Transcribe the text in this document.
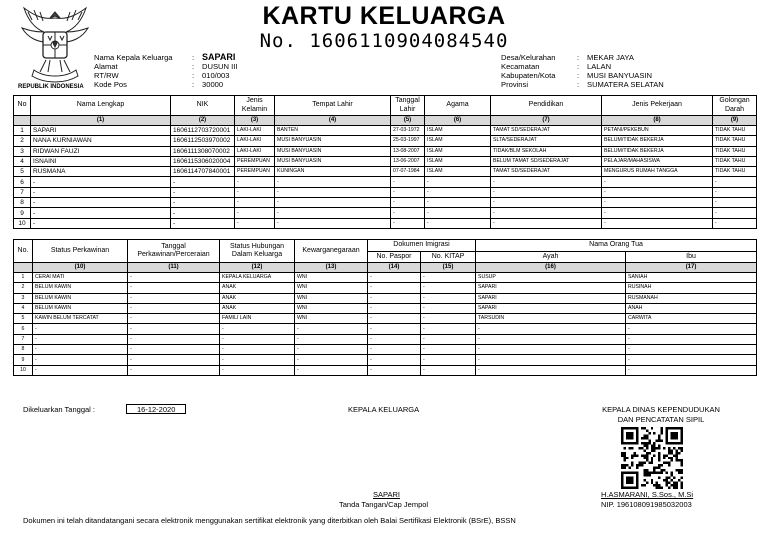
REPUBLIK INDONESIA
KARTU KELUARGA
No. 1606110904084540
Nama Kepala Keluarga	: SAPARI
Alamat	:	DUSUN III
RT/RW	:	010/003
Kode Pos	:	30000
Desa/Kelurahan	:	MEKAR JAYA
Kecamatan	:	LALAN
Kabupaten/Kota	:	MUSI BANYUASIN
Provinsi	:	SUMATERA SELATAN
No	Nama Lengkap	NIK	Jenis Kelamin	Tempat Lahir	Tanggal Lahir	Agama	Pendidikan	Jenis Pekerjaan	Golongan Darah
	(1)	(2)	(3)	(4)	(5)	(6)	(7)	(8)	(9)
1	SAPARI	1606112703720001	LAKI-LAKI	BANTEN	27-03-1972	ISLAM	TAMAT SD/SEDERAJAT	PETANI/PEKEBUN	TIDAK TAHU
2	NANA KURNIAWAN	1606112503970002	LAKI-LAKI	MUSI BANYUASIN	25-03-1997	ISLAM	SLTA/SEDERAJAT	BELUM/TIDAK BEKERJA	TIDAK TAHU
3	RIDWAN FAUZI	1606111308070002	LAKI-LAKI	MUSI BANYUASIN	13-08-2007	ISLAM	TIDAK/BLM SEKOLAH	BELUM/TIDAK BEKERJA	TIDAK TAHU
4	ISNAINI	1606115306020004	PEREMPUAN	MUSI BANYUASIN	13-06-2007	ISLAM	BELUM TAMAT SD/SEDERAJAT	PELAJAR/MAHASISWA	TIDAK TAHU
5	RUSMANA	1606114707840001	PEREMPUAN	KUNINGAN	07-07-1984	ISLAM	TAMAT SD/SEDERAJAT	MENGURUS RUMAH TANGGA	TIDAK TAHU
6	-	-	-	-	-	-	-	-	-
7	-	-	-	-	-	-	-	-	-
8	-	-	-	-	-	-	-	-	-
9	-	-	-	-	-	-	-	-	-
10	-	-	-	-	-	-	-	-	-
No.	Status Perkawinan	Tanggal Perkawinan/Perceraian	Status Hubungan Dalam Keluarga	Kewarganegaraan	Dokumen Imigrasi		Nama Orang Tua	
					No. Paspor	No. KITAP	Ayah	Ibu
	(10)	(11)	(12)	(13)	(14)	(15)	(16)	(17)
1	CERAI MATI	-	KEPALA KELUARGA	WNI	-	-	SUSUP	SANIAH
2	BELUM KAWIN	-	ANAK	WNI	-	-	SAPARI	RUSINAH
3	BELUM KAWIN	-	ANAK	WNI	-	-	SAPARI	RUSMANAH
4	BELUM KAWIN	-	ANAK	WNI	-	-	SAPARI	ANAH
5	KAWIN BELUM TERCATAT	-	FAMILI LAIN	WNI	-	-	TARSUDIN	CARWITA
6	-	-	-	-	-	-	-	-
7	-	-	-	-	-	-	-	-
8	-	-	-	-	-	-	-	-
9	-	-	-	-	-	-	-	-
10	-	-	-	-	-	-	-	-
Dikeluarkan Tanggal :	16-12-2020	KEPALA KELUARGA	KEPALA DINAS KEPENDUDUKAN
DAN PENCATATAN SIPIL
SAPARI
Tanda Tangan/Cap Jempol
H.ASMARANI, S.Sos., M.Si
NIP. 196108091985032003
Dokumen ini telah ditandatangani secara elektronik menggunakan sertifikat elektronik yang diterbitkan oleh Balai Sertifikasi Elektronik (BSrE), BSSN
